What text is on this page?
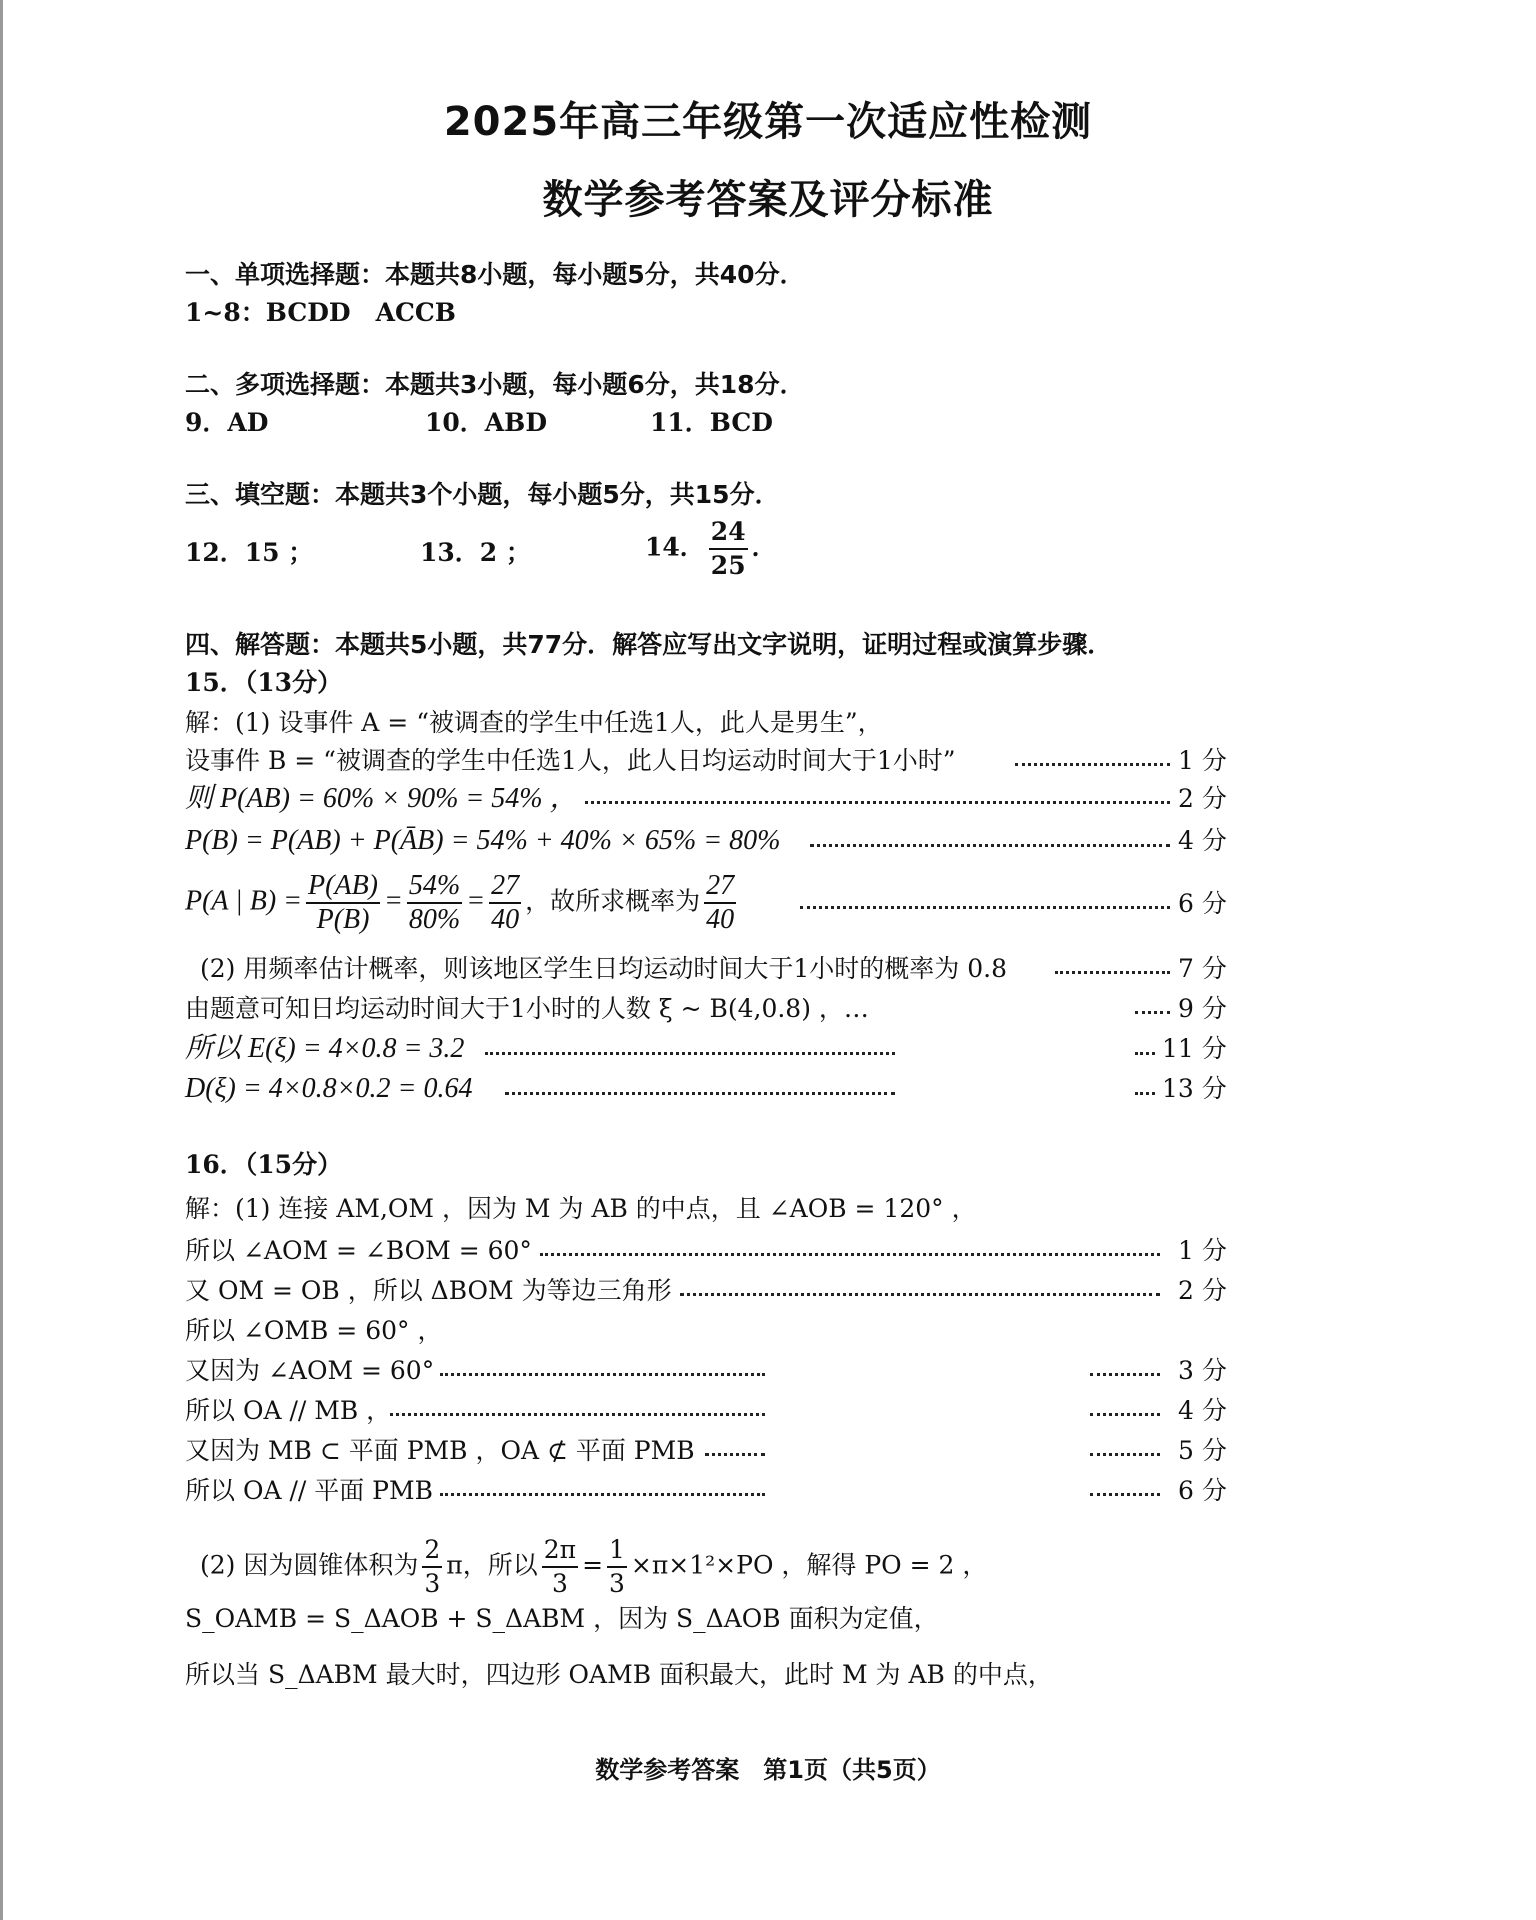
2025年高三年级第一次适应性检测
数学参考答案及评分标准
一、单项选择题：本题共8小题，每小题5分，共40分．
1~8：BCDD　ACCB
二、多项选择题：本题共3小题，每小题6分，共18分．
9．AD	10．ABD	11．BCD
三、填空题：本题共3个小题，每小题5分，共15分．
12．15 ；	13．2 ；	14． $\frac{24}{25}$ ．
四、解答题：本题共5小题，共77分．解答应写出文字说明，证明过程或演算步骤．
15．（13分）
解：(1) 设事件 A = “被调查的学生中任选1人，此人是男生”，
设事件 B = “被调查的学生中任选1人，此人日均运动时间大于1小时”	1 分
则 P(AB) = 60% × 90% = 54% ，	2 分
P(B) = P(AB) + P(ĀB) = 54% + 40% × 65% = 80%	4 分
P(A | $B) = \frac{P(AB)}{P(B)} = \frac{54\%}{80\%} = \frac{27}{40}$ ，故所求概率为 $\frac{27}{40}$	6 分
(2) 用频率估计概率，则该地区学生日均运动时间大于1小时的概率为 0.8	7 分
由题意可知日均运动时间大于1小时的人数 ξ ~ B(4,0.8) ，…	9 分
所以 E(ξ) = 4×0.8 = 3.2	11 分
D(ξ) = 4×0.8×0.2 = 0.64	13 分
16．（15分）
解：(1) 连接 AM,OM ，因为 M 为 AB 的中点，且 ∠AOB = 120° ，
所以 ∠AOM = ∠BOM = 60°	1 分
又 OM = OB ，所以 ΔBOM 为等边三角形	2 分
所以 ∠OMB = 60° ，
又因为 ∠AOM = 60°	3 分
所以 OA // MB ，	4 分
又因为 MB ⊂ 平面 PMB ，OA ⊄ 平面 PMB	5 分
所以 OA // 平面 PMB	6 分
(2) 因为圆锥体积为 $\frac{2}{3}$ π，所以 $\frac{2\pi}{3} = \frac{1}{3} \times\pi\times 1^2\times PO$ ，解得 PO = 2 ，
S_OAMB = S_ΔAOB + S_ΔABM ，因为 S_ΔAOB 面积为定值，
所以当 S_ΔABM 最大时，四边形 OAMB 面积最大，此时 M 为 AB 的中点，
数学参考答案　第1页（共5页）
